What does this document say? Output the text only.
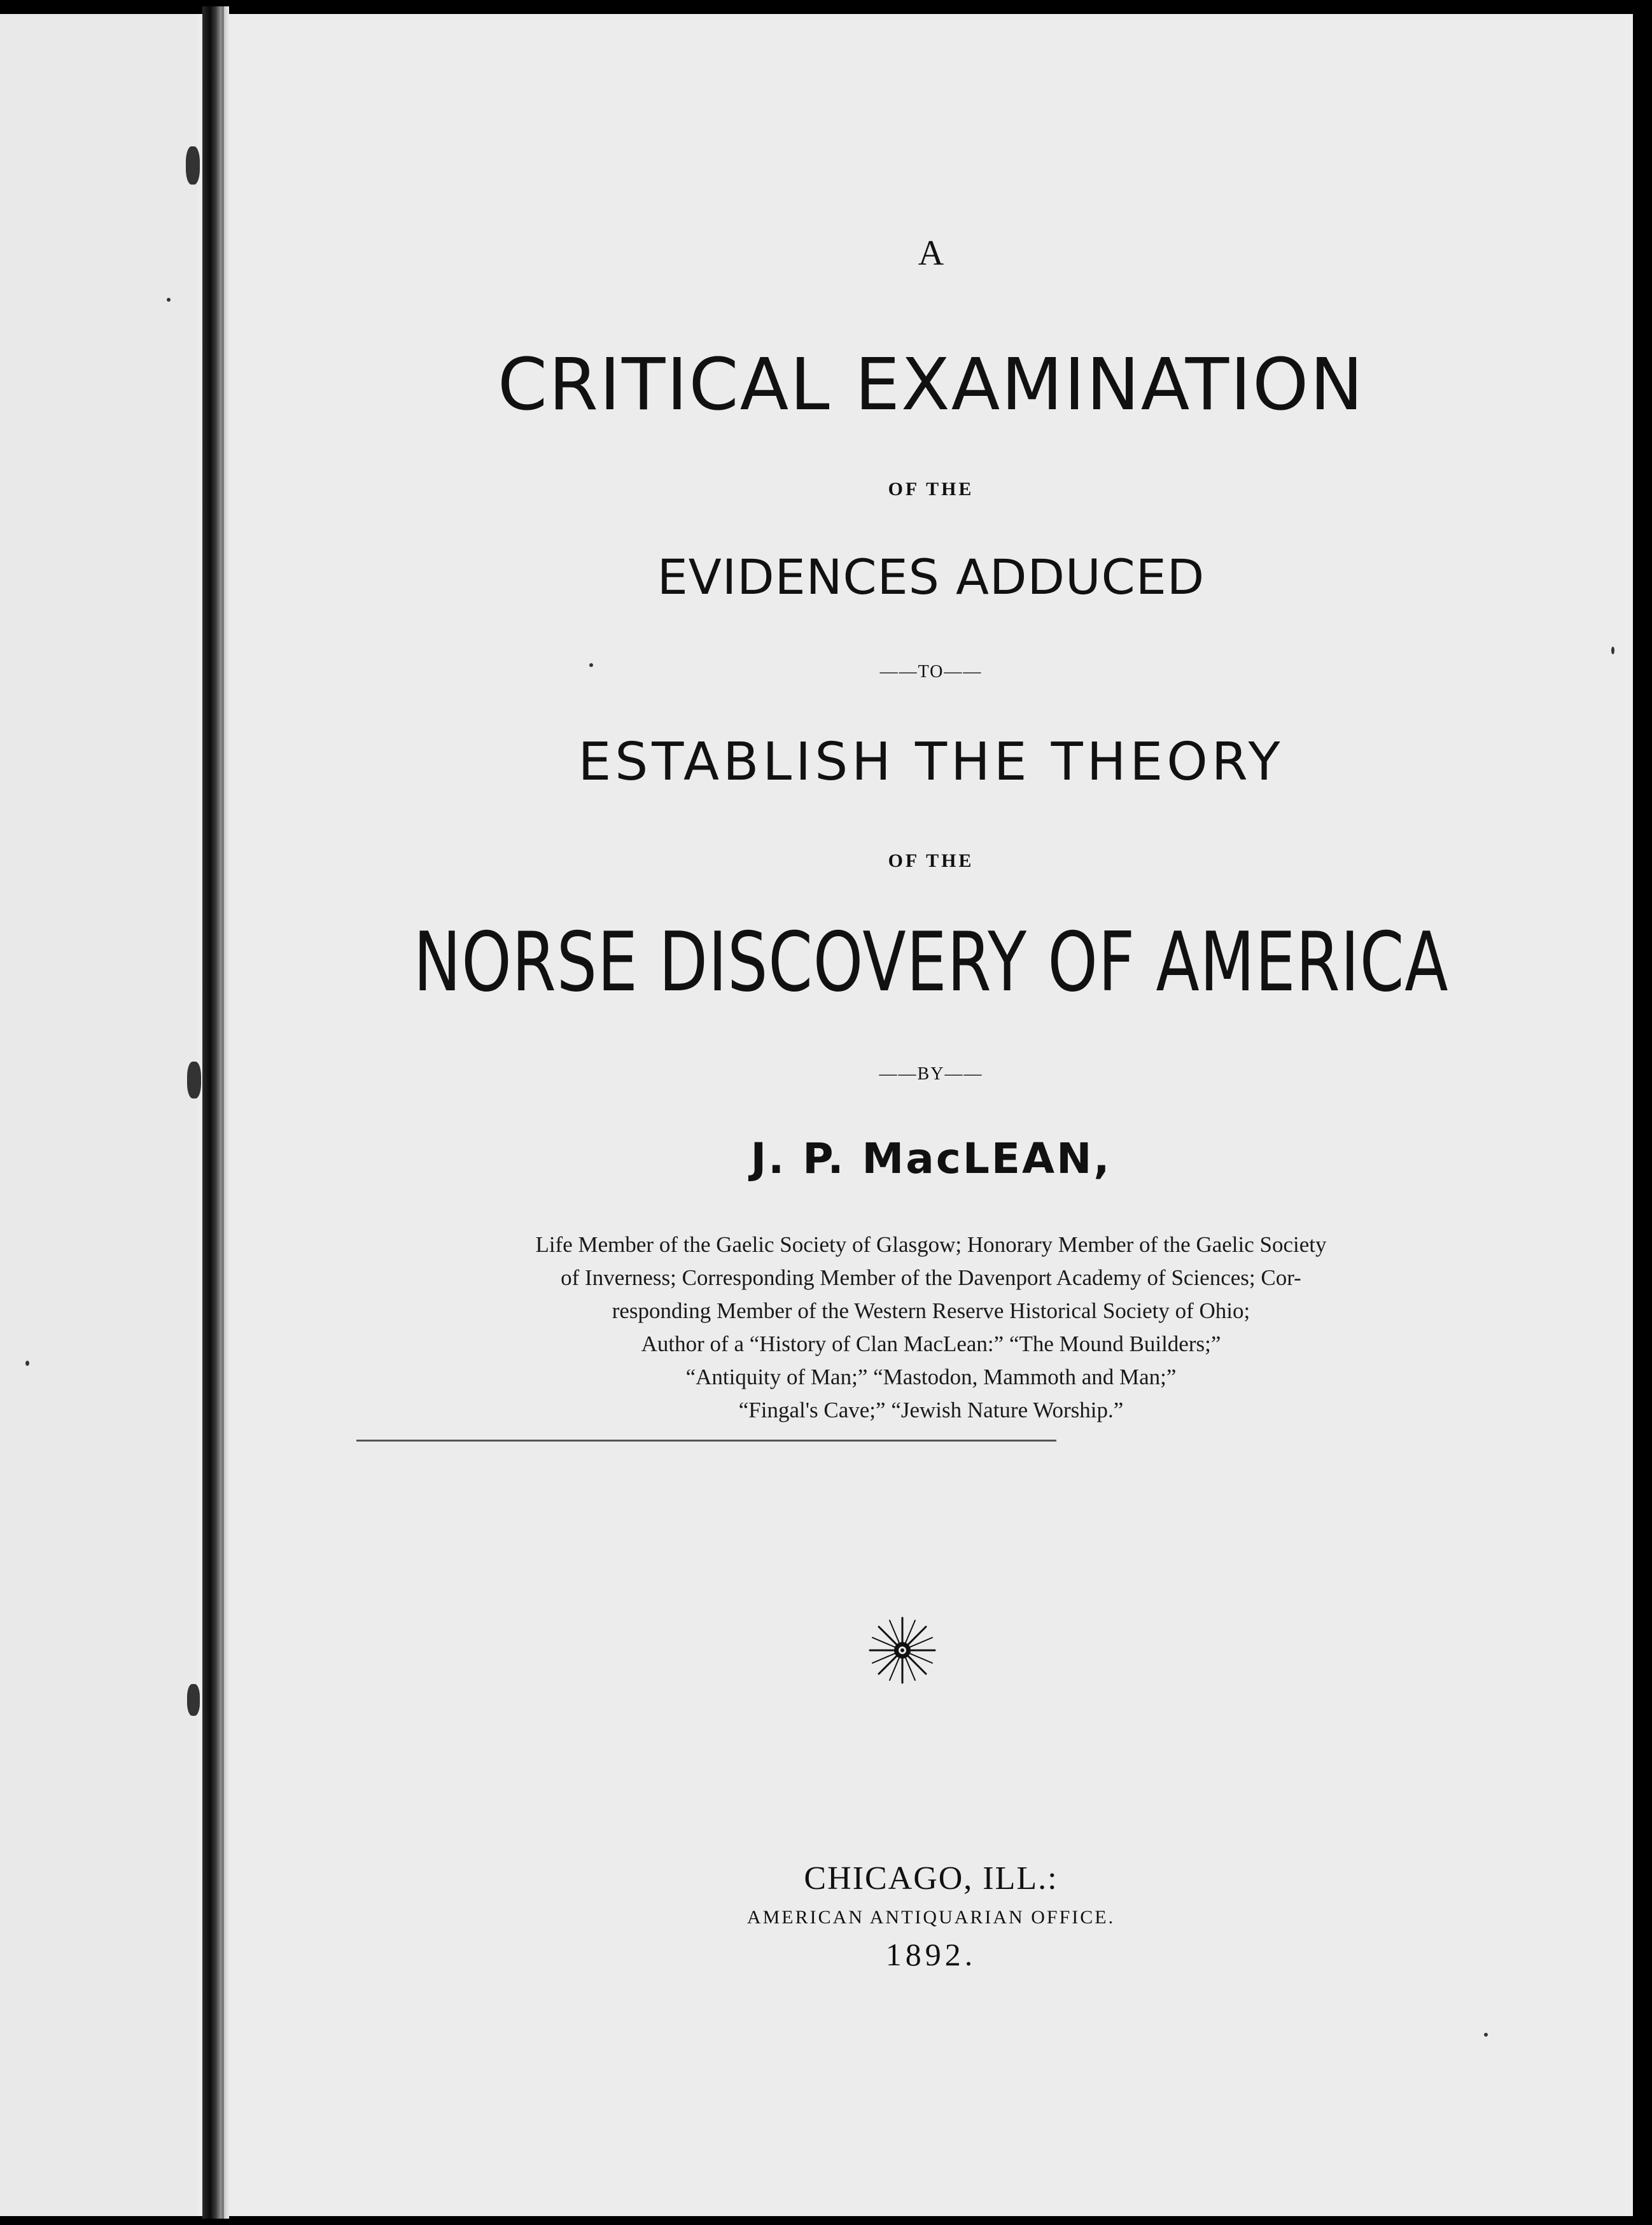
A
CRITICAL EXAMINATION
OF THE
EVIDENCES ADDUCED
——TO——
ESTABLISH THE THEORY
OF THE
NORSE DISCOVERY OF AMERICA
——BY——
J. P. MacLEAN,
Life Member of the Gaelic Society of Glasgow; Honorary Member of the Gaelic Society
of Inverness; Corresponding Member of the Davenport Academy of Sciences; Cor-
responding Member of the Western Reserve Historical Society of Ohio;
Author of a “History of Clan MacLean:” “The Mound Builders;”
“Antiquity of Man;” “Mastodon, Mammoth and Man;”
“Fingal's Cave;” “Jewish Nature Worship.”
CHICAGO, ILL.:
AMERICAN ANTIQUARIAN OFFICE.
1892.
